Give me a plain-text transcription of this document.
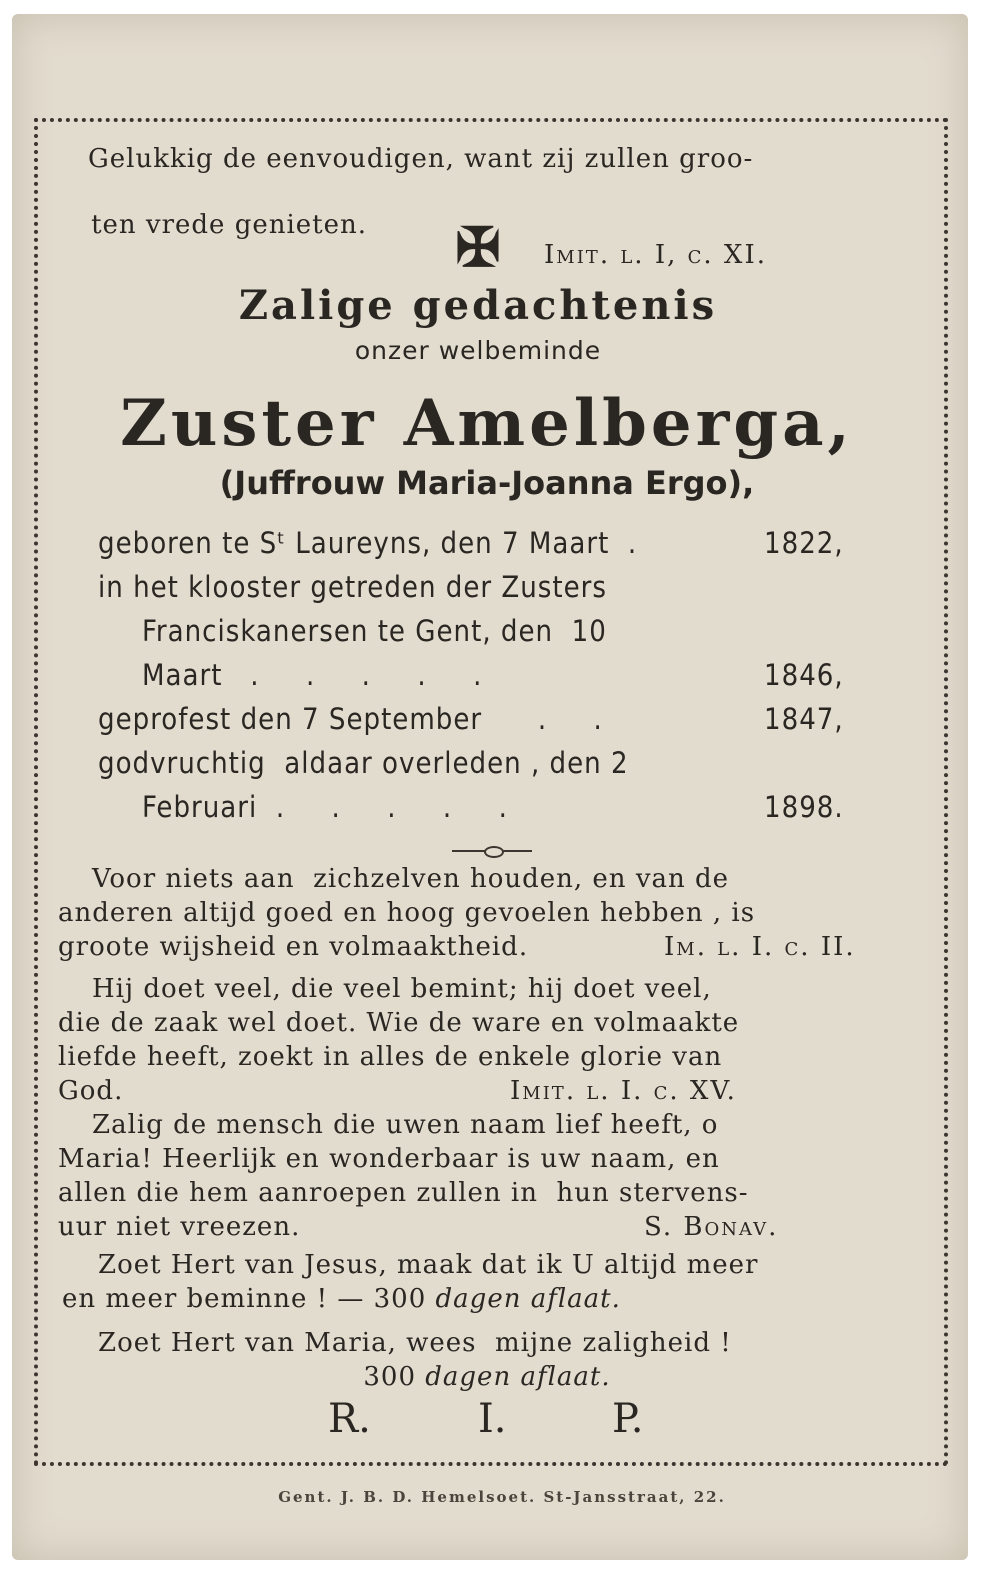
Gelukkig de eenvoudigen, want zij zullen groo-

ten vrede genieten.

Imit. l. I, c. XI.

✠
Zalige gedachtenis
onzer welbeminde
Zuster Amelberga,
(Juffrouw Maria-Joanna Ergo),
geboren te Sᵗ Laureyns, den 7 Maart  .	1822,
in het klooster getreden der Zusters
Franciskanersen te Gent, den  10
Maart   .     .     .     .     .	1846,
geprofest den 7 September      .     .	1847,
godvruchtig  aldaar overleden , den 2
Februari  .     .     .     .     .	1898.
Voor niets aan  zichzelven houden, en van de
anderen altijd goed en hoog gevoelen hebben , is
groote wijsheid en volmaaktheid.	Im. l. I. c. II.
Hij doet veel, die veel bemint; hij doet veel,
die de zaak wel doet. Wie de ware en volmaakte
liefde heeft, zoekt in alles de enkele glorie van
God.	Imit. l. I. c. XV.
Zalig de mensch die uwen naam lief heeft, o
Maria! Heerlijk en wonderbaar is uw naam, en
allen die hem aanroepen zullen in  hun stervens-
uur niet vreezen.	S. Bonav.
Zoet Hert van Jesus, maak dat ik U altijd meer
en meer beminne ! — 300 dagen aflaat.
Zoet Hert van Maria, wees  mijne zaligheid !
300 dagen aflaat.
R.	I.	P.
Gent. J. B. D. Hemelsoet. St-Jansstraat, 22.
